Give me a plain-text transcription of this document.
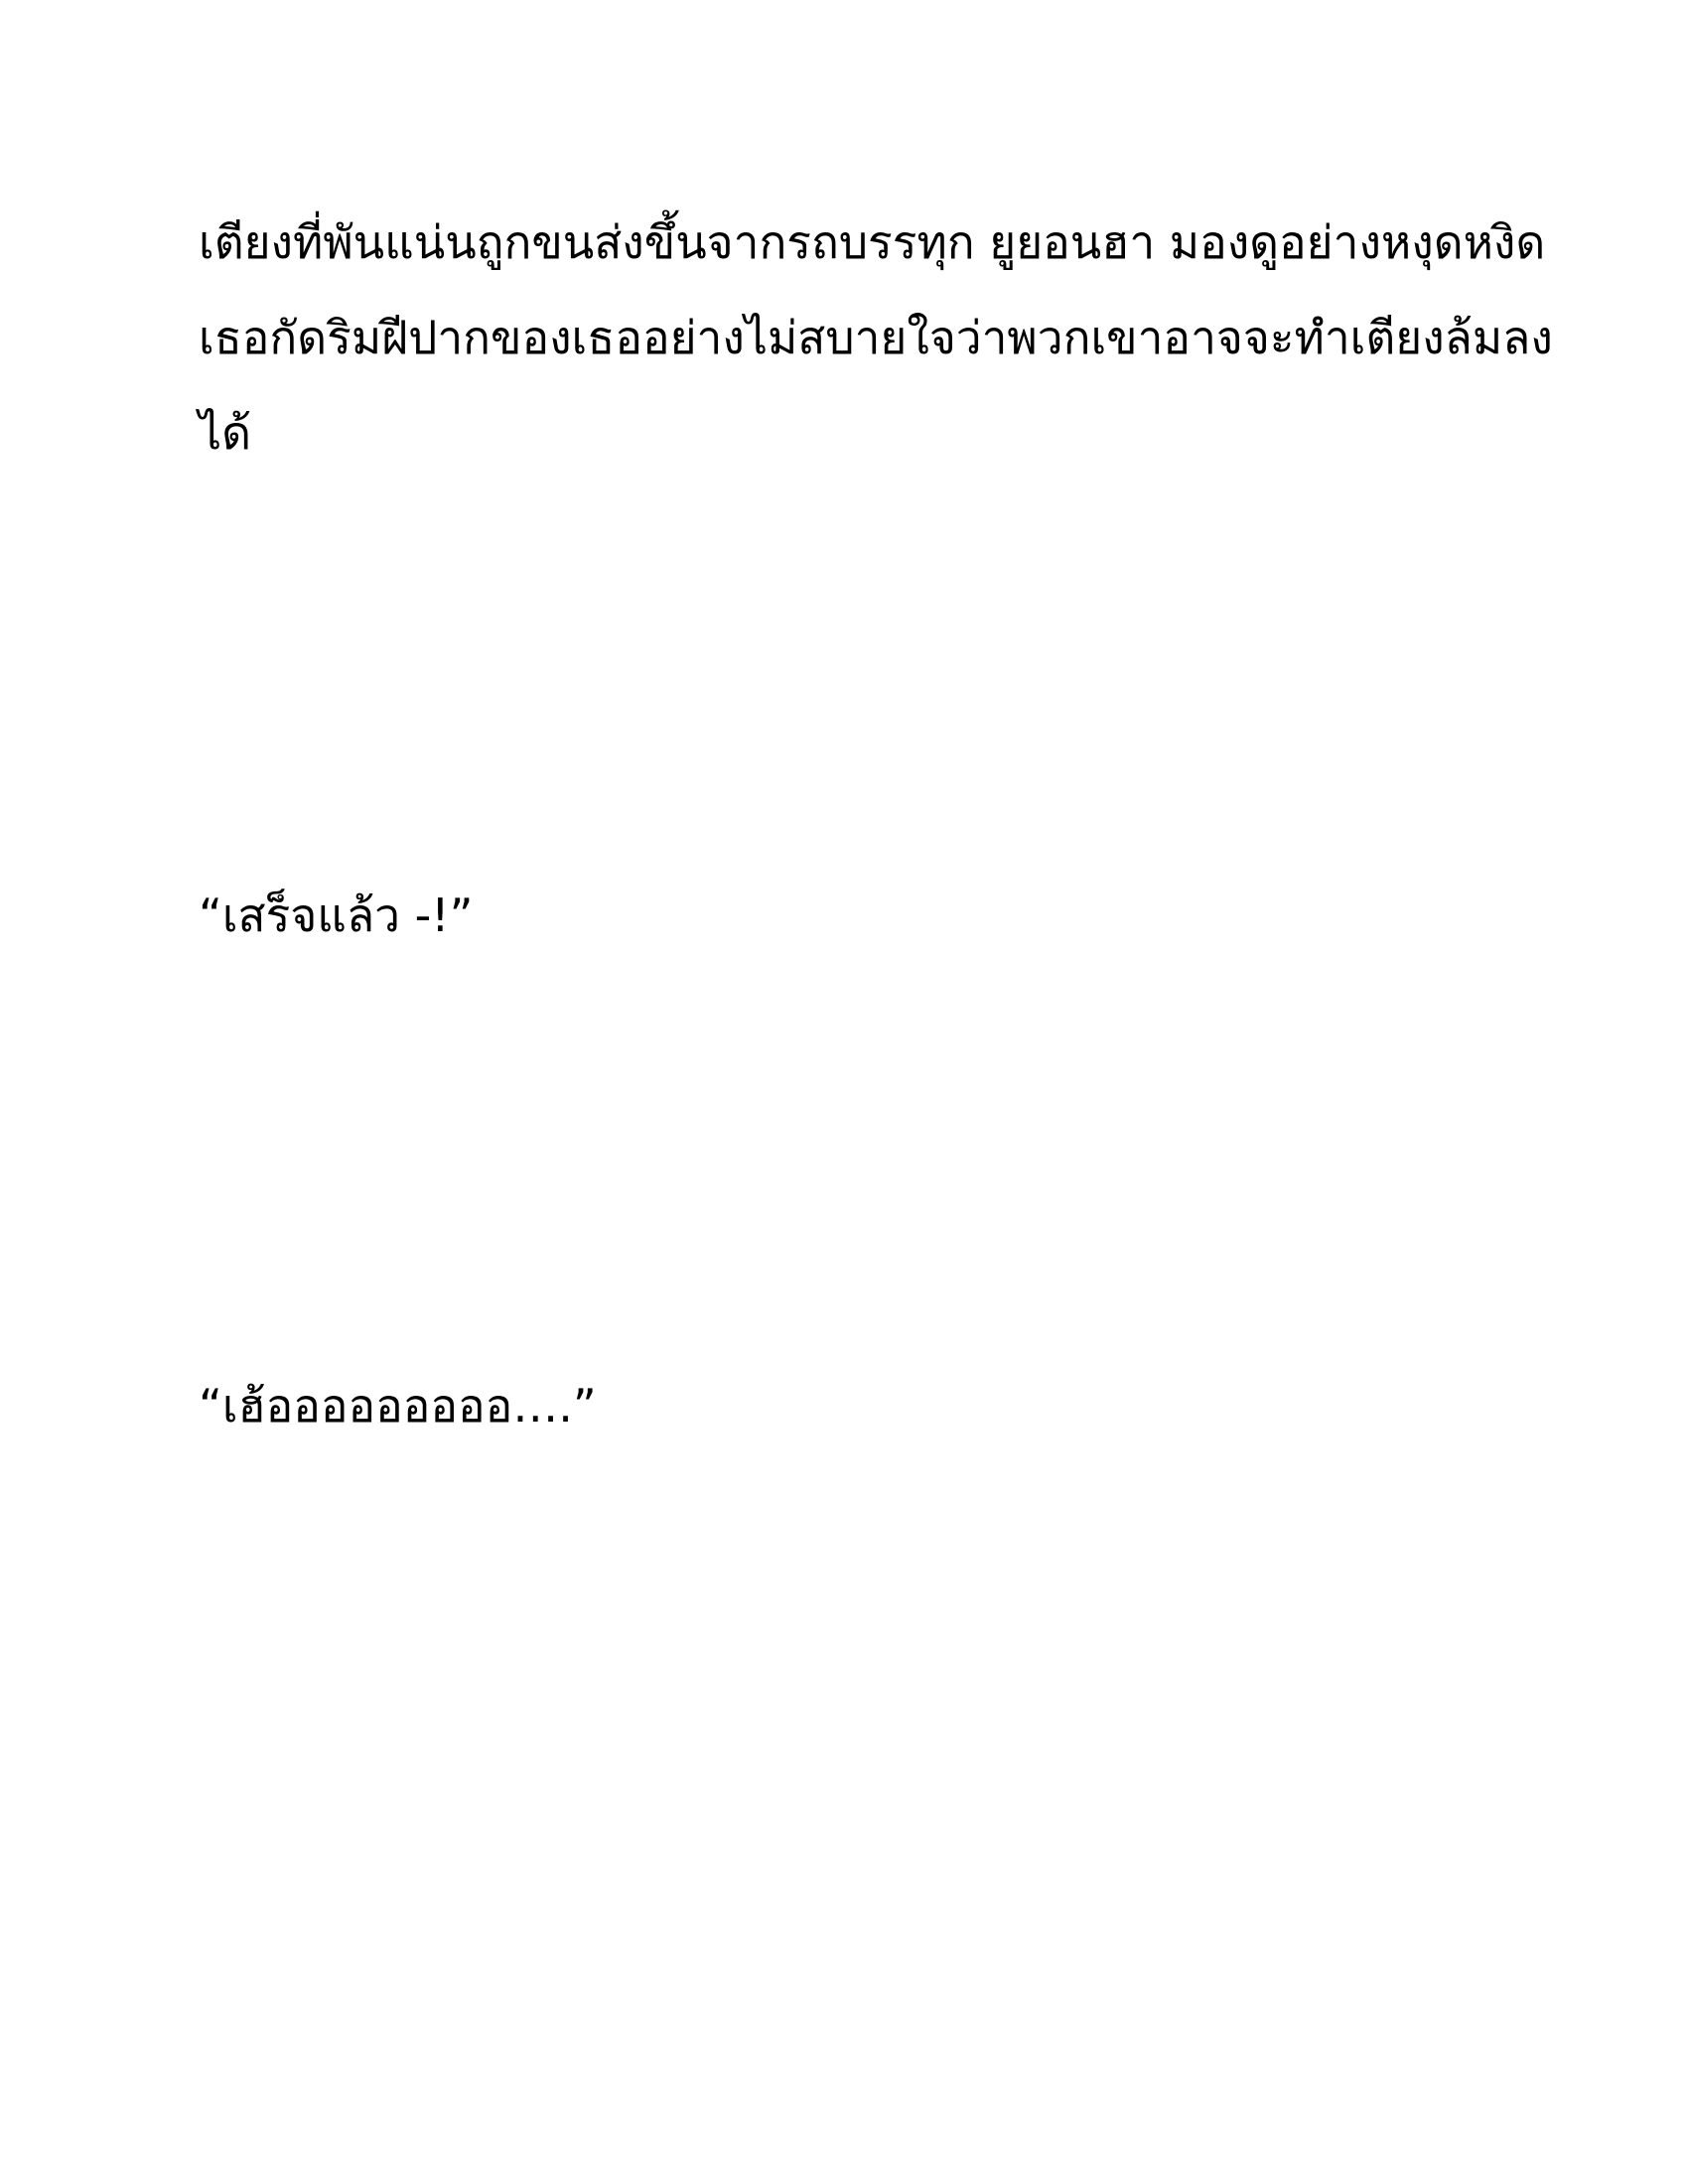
เตียงที่พันแน่นถูกขนส่งขึ้นจากรถบรรทุก ยูยอนฮา มองดูอย่างหงุดหงิด
เธอกัดริมฝีปากของเธออย่างไม่สบายใจว่าพวกเขาอาจจะทำเตียงล้มลง
ได้

“เสร็จแล้ว -!”

“เฮ้อออออออออ….”
